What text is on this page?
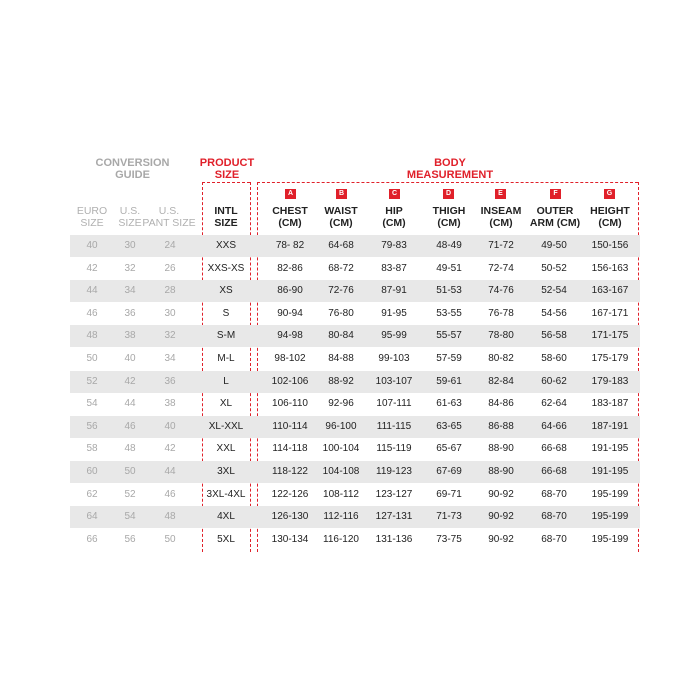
CONVERSION
GUIDE
PRODUCT
SIZE
BODY
MEASUREMENT
EURO
SIZE
U.S.
SIZE
U.S.
PANT SIZE
INTL
SIZE
CHEST
(CM)
WAIST
(CM)
HIP
(CM)
THIGH
(CM)
INSEAM
(CM)
OUTER
ARM (CM)
HEIGHT
(CM)
A	B	C	D	E	F	G
40	30	24	XXS	78- 82	64-68	79-83	48-49	71-72	49-50	150-156
42	32	26	XXS-XS	82-86	68-72	83-87	49-51	72-74	50-52	156-163
44	34	28	XS	86-90	72-76	87-91	51-53	74-76	52-54	163-167
46	36	30	S	90-94	76-80	91-95	53-55	76-78	54-56	167-171
48	38	32	S-M	94-98	80-84	95-99	55-57	78-80	56-58	171-175
50	40	34	M-L	98-102	84-88	99-103	57-59	80-82	58-60	175-179
52	42	36	L	102-106	88-92	103-107	59-61	82-84	60-62	179-183
54	44	38	XL	106-110	92-96	107-111	61-63	84-86	62-64	183-187
56	46	40	XL-XXL	110-114	96-100	111-115	63-65	86-88	64-66	187-191
58	48	42	XXL	114-118	100-104	115-119	65-67	88-90	66-68	191-195
60	50	44	3XL	118-122	104-108	119-123	67-69	88-90	66-68	191-195
62	52	46	3XL-4XL	122-126	108-112	123-127	69-71	90-92	68-70	195-199
64	54	48	4XL	126-130	112-116	127-131	71-73	90-92	68-70	195-199
66	56	50	5XL	130-134	116-120	131-136	73-75	90-92	68-70	195-199
